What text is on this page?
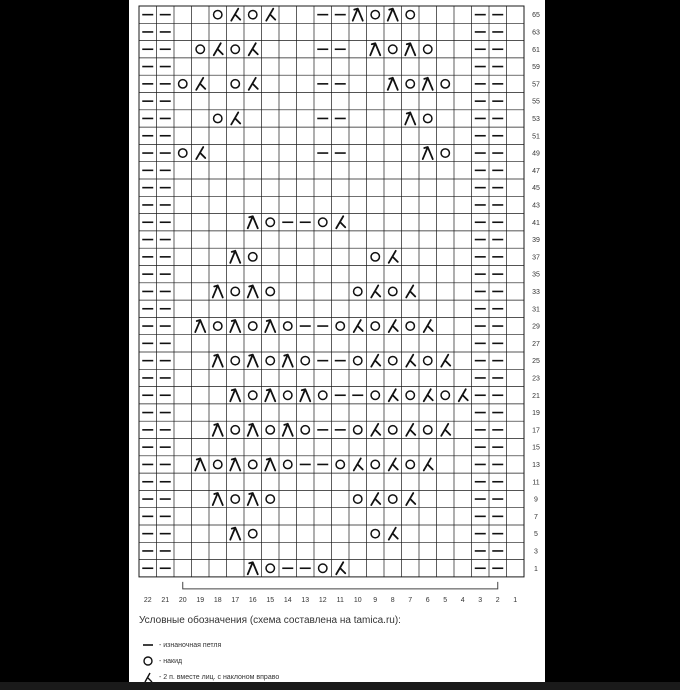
1
3
5
7
9
11
13
15
17
19
21
23
25
27
29
31
33
35
37
39
41
43
45
47
49
51
53
55
57
59
61
63
65
22 21 20 19 18 17 16 15 14 13 12 11 10 9 8 7 6 5 4 3 2 1
Условные обозначения (схема составлена на tamica.ru):
- изнаночная петля
- накид
- 2 п. вместе лиц. с наклоном вправо
